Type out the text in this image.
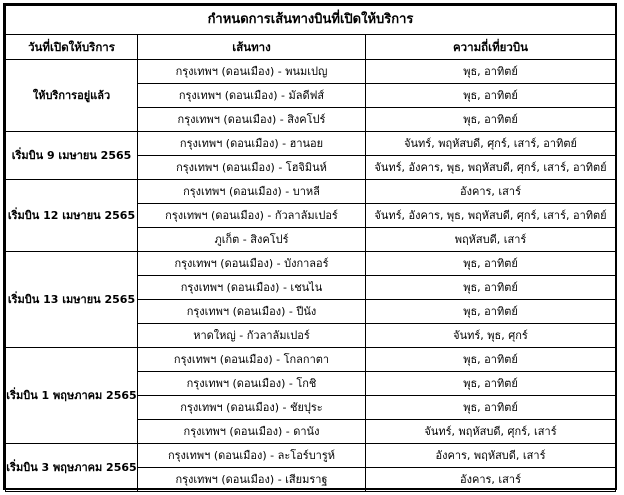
กำหนดการเส้นทางบินที่เปิดให้บริการ		
วันที่เปิดให้บริการ	เส้นทาง	ความถี่เที่ยวบิน
ให้บริการอยู่แล้ว	กรุงเทพฯ (ดอนเมือง) - พนมเปญ	พุธ, อาทิตย์
	กรุงเทพฯ (ดอนเมือง) - มัลดีฟส์	พุธ, อาทิตย์
	กรุงเทพฯ (ดอนเมือง) - สิงคโปร์	พุธ, อาทิตย์
เริ่มบิน 9 เมษายน 2565	กรุงเทพฯ (ดอนเมือง) - ฮานอย	จันทร์, พฤหัสบดี, ศุกร์, เสาร์, อาทิตย์
	กรุงเทพฯ (ดอนเมือง) - โฮจิมินห์	จันทร์, อังคาร, พุธ, พฤหัสบดี, ศุกร์, เสาร์, อาทิตย์
เริ่มบิน 12 เมษายน 2565	กรุงเทพฯ (ดอนเมือง) - บาหลี	อังคาร, เสาร์
	กรุงเทพฯ (ดอนเมือง) - กัวลาลัมเปอร์	จันทร์, อังคาร, พุธ, พฤหัสบดี, ศุกร์, เสาร์, อาทิตย์
	ภูเก็ต - สิงคโปร์	พฤหัสบดี, เสาร์
เริ่มบิน 13 เมษายน 2565	กรุงเทพฯ (ดอนเมือง) - บังกาลอร์	พุธ, อาทิตย์
	กรุงเทพฯ (ดอนเมือง) - เชนไน	พุธ, อาทิตย์
	กรุงเทพฯ (ดอนเมือง) - ปีนัง	พุธ, อาทิตย์
	หาดใหญ่ - กัวลาลัมเปอร์	จันทร์, พุธ, ศุกร์
เริ่มบิน 1 พฤษภาคม 2565	กรุงเทพฯ (ดอนเมือง) - โกลกาตา	พุธ, อาทิตย์
	กรุงเทพฯ (ดอนเมือง) - โกชิ	พุธ, อาทิตย์
	กรุงเทพฯ (ดอนเมือง) - ชัยปุระ	พุธ, อาทิตย์
	กรุงเทพฯ (ดอนเมือง) - ดานัง	จันทร์, พฤหัสบดี, ศุกร์, เสาร์
เริ่มบิน 3 พฤษภาคม 2565	กรุงเทพฯ (ดอนเมือง) - ละโอร์บารูห์	อังคาร, พฤหัสบดี, เสาร์
	กรุงเทพฯ (ดอนเมือง) - เสียมราฐ	อังคาร, เสาร์
